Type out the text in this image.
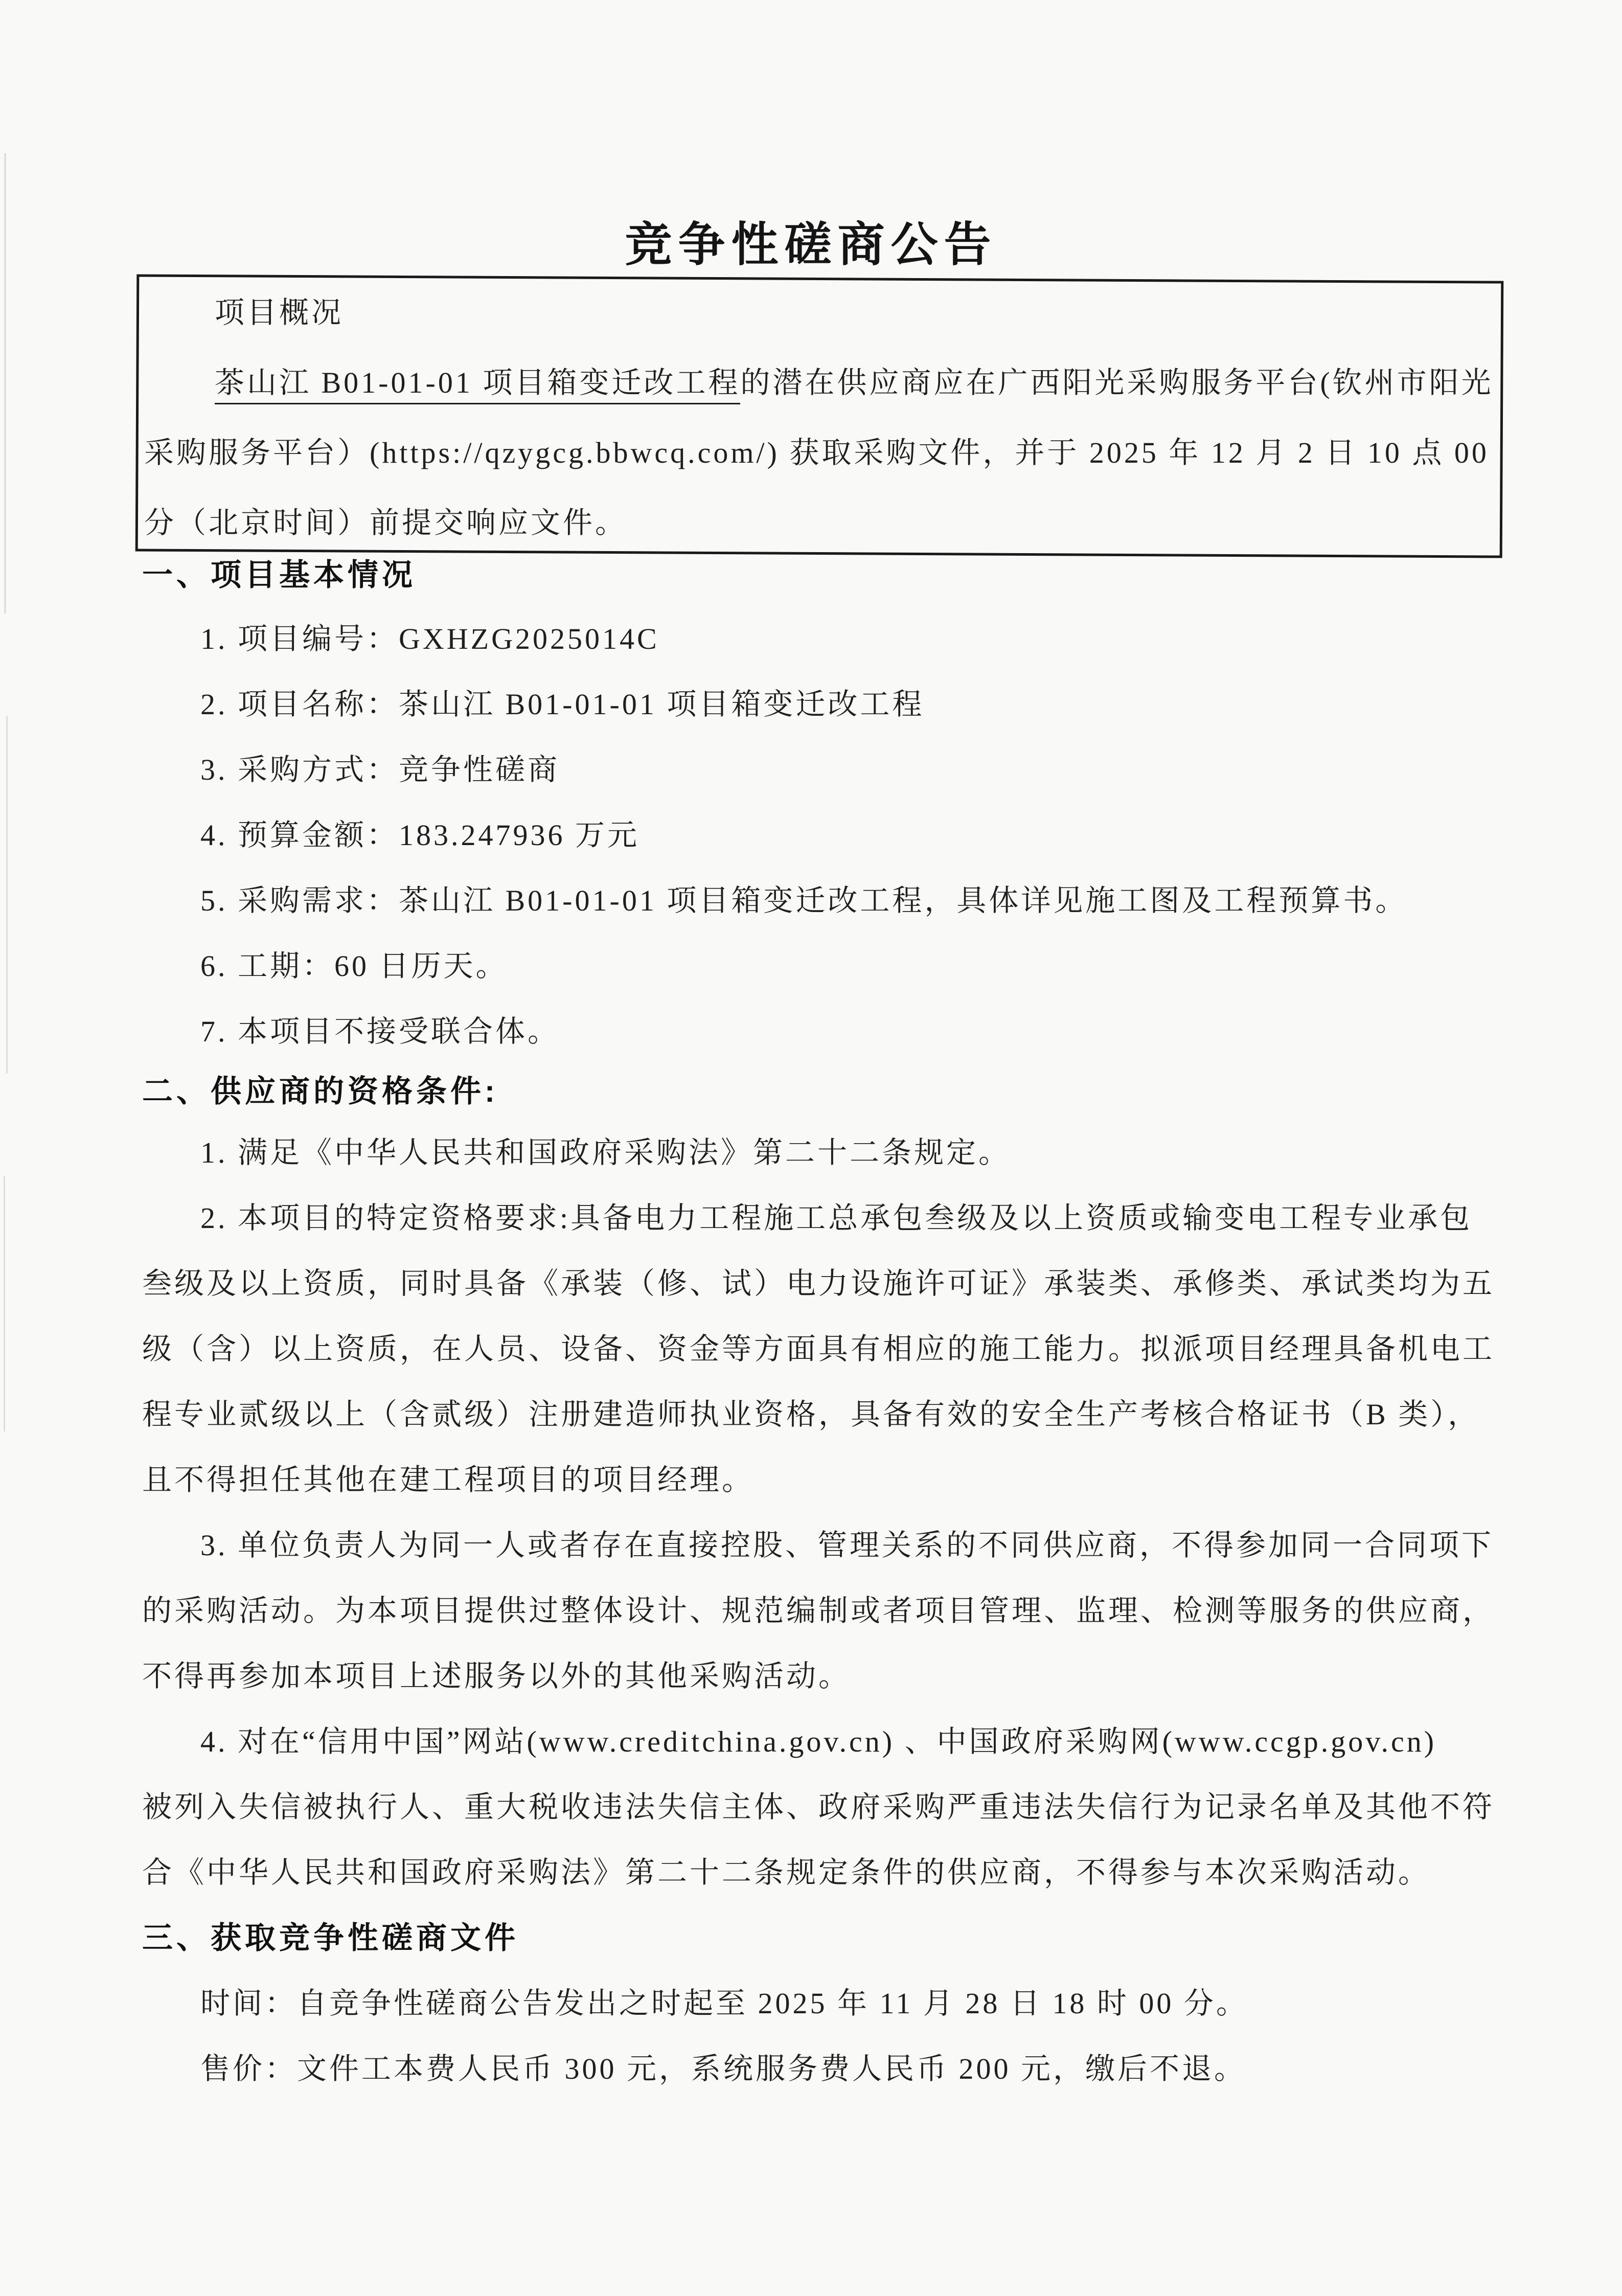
竞争性磋商公告
项目概况
茶山江 B01-01-01 项目箱变迁改工程的潜在供应商应在广西阳光采购服务平台(钦州市阳光
采购服务平台）(https://qzygcg.bbwcq.com/) 获取采购文件，并于 2025 年 12 月 2 日 10 点 00
分（北京时间）前提交响应文件。
一、项目基本情况
1. 项目编号：GXHZG2025014C
2. 项目名称：茶山江 B01-01-01 项目箱变迁改工程
3. 采购方式：竞争性磋商
4. 预算金额：183.247936 万元
5. 采购需求：茶山江 B01-01-01 项目箱变迁改工程，具体详见施工图及工程预算书。
6. 工期：60 日历天。
7. 本项目不接受联合体。
二、供应商的资格条件:
1. 满足《中华人民共和国政府采购法》第二十二条规定。
2. 本项目的特定资格要求:具备电力工程施工总承包叁级及以上资质或输变电工程专业承包
叁级及以上资质，同时具备《承装（修、试）电力设施许可证》承装类、承修类、承试类均为五
级（含）以上资质，在人员、设备、资金等方面具有相应的施工能力。拟派项目经理具备机电工
程专业贰级以上（含贰级）注册建造师执业资格，具备有效的安全生产考核合格证书（B 类），
且不得担任其他在建工程项目的项目经理。
3. 单位负责人为同一人或者存在直接控股、管理关系的不同供应商，不得参加同一合同项下
的采购活动。为本项目提供过整体设计、规范编制或者项目管理、监理、检测等服务的供应商，
不得再参加本项目上述服务以外的其他采购活动。
4. 对在“信用中国”网站(www.creditchina.gov.cn) 、中国政府采购网(www.ccgp.gov.cn)
被列入失信被执行人、重大税收违法失信主体、政府采购严重违法失信行为记录名单及其他不符
合《中华人民共和国政府采购法》第二十二条规定条件的供应商，不得参与本次采购活动。
三、获取竞争性磋商文件
时间：自竞争性磋商公告发出之时起至 2025 年 11 月 28 日 18 时 00 分。
售价：文件工本费人民币 300 元，系统服务费人民币 200 元，缴后不退。
